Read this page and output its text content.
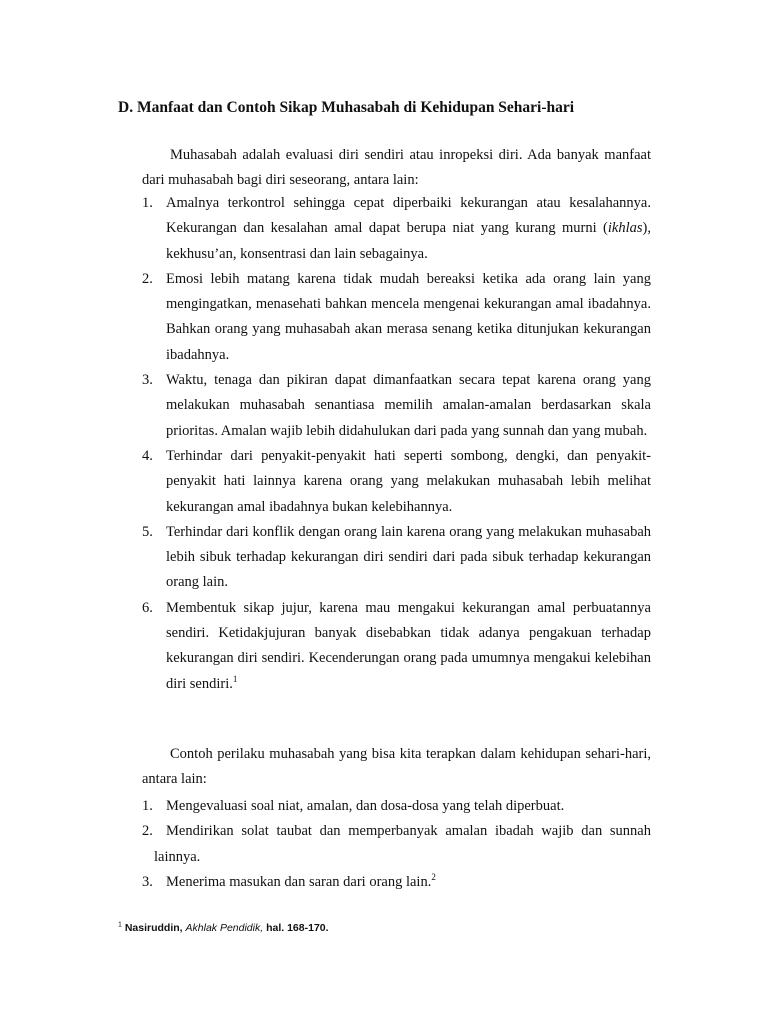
D. Manfaat dan Contoh Sikap Muhasabah di Kehidupan Sehari-hari

Muhasabah adalah evaluasi diri sendiri atau inropeksi diri. Ada banyak manfaat dari muhasabah bagi diri seseorang, antara lain:

1. Amalnya terkontrol sehingga cepat diperbaiki kekurangan atau kesalahannya. Kekurangan dan kesalahan amal dapat berupa niat yang kurang murni (ikhlas), kekhusu’an, konsentrasi dan lain sebagainya.
2. Emosi lebih matang karena tidak mudah bereaksi ketika ada orang lain yang mengingatkan, menasehati bahkan mencela mengenai kekurangan amal ibadahnya. Bahkan orang yang muhasabah akan merasa senang ketika ditunjukan kekurangan ibadahnya.
3. Waktu, tenaga dan pikiran dapat dimanfaatkan secara tepat karena orang yang melakukan muhasabah senantiasa memilih amalan-amalan berdasarkan skala prioritas. Amalan wajib lebih didahulukan dari pada yang sunnah dan yang mubah.
4. Terhindar dari penyakit-penyakit hati seperti sombong, dengki, dan penyakit-penyakit hati lainnya karena orang yang melakukan muhasabah lebih melihat kekurangan amal ibadahnya bukan kelebihannya.
5. Terhindar dari konflik dengan orang lain karena orang yang melakukan muhasabah lebih sibuk terhadap kekurangan diri sendiri dari pada sibuk terhadap kekurangan orang lain.
6. Membentuk sikap jujur, karena mau mengakui kekurangan amal perbuatannya sendiri. Ketidakjujuran banyak disebabkan tidak adanya pengakuan terhadap kekurangan diri sendiri. Kecenderungan orang pada umumnya mengakui kelebihan diri sendiri.$^1$

Contoh perilaku muhasabah yang bisa kita terapkan dalam kehidupan sehari-hari, antara lain:

1. Mengevaluasi soal niat, amalan, dan dosa-dosa yang telah diperbuat.
2. Mendirikan solat taubat dan memperbanyak amalan ibadah wajib dan sunnah lainnya.
3. Menerima masukan dan saran dari orang lain.$^2$
$^1$ Nasiruddin, Akhlak Pendidik, hal. 168-170.
